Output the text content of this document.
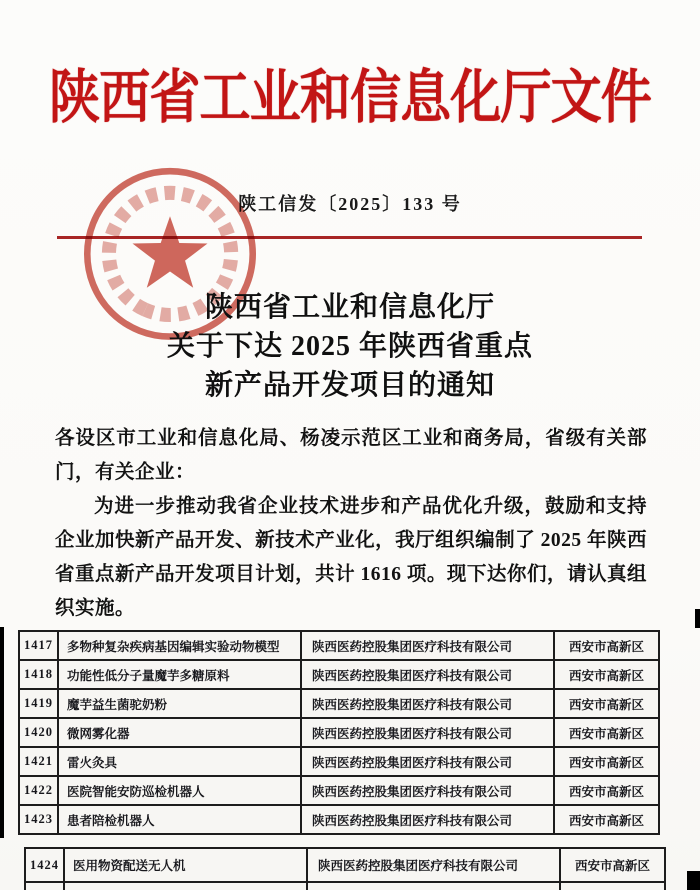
陕西省工业和信息化厅文件
陕工信发〔2025〕133 号
陕西省工业和信息化厅
关于下达 2025 年陕西省重点
新产品开发项目的通知

各设区市工业和信息化局、杨凌示范区工业和商务局，省级有关部门，有关企业：

为进一步推动我省企业技术进步和产品优化升级，鼓励和支持企业加快新产品开发、新技术产业化，我厅组织编制了 2025 年陕西省重点新产品开发项目计划，共计 1616 项。现下达你们，请认真组织实施。

1417	多物种复杂疾病基因编辑实验动物模型	陕西医药控股集团医疗科技有限公司	西安市高新区
1418	功能性低分子量魔芋多糖原料	陕西医药控股集团医疗科技有限公司	西安市高新区
1419	魔芋益生菌驼奶粉	陕西医药控股集团医疗科技有限公司	西安市高新区
1420	微网雾化器	陕西医药控股集团医疗科技有限公司	西安市高新区
1421	雷火灸具	陕西医药控股集团医疗科技有限公司	西安市高新区
1422	医院智能安防巡检机器人	陕西医药控股集团医疗科技有限公司	西安市高新区
1423	患者陪检机器人	陕西医药控股集团医疗科技有限公司	西安市高新区
1424	医用物资配送无人机	陕西医药控股集团医疗科技有限公司	西安市高新区
